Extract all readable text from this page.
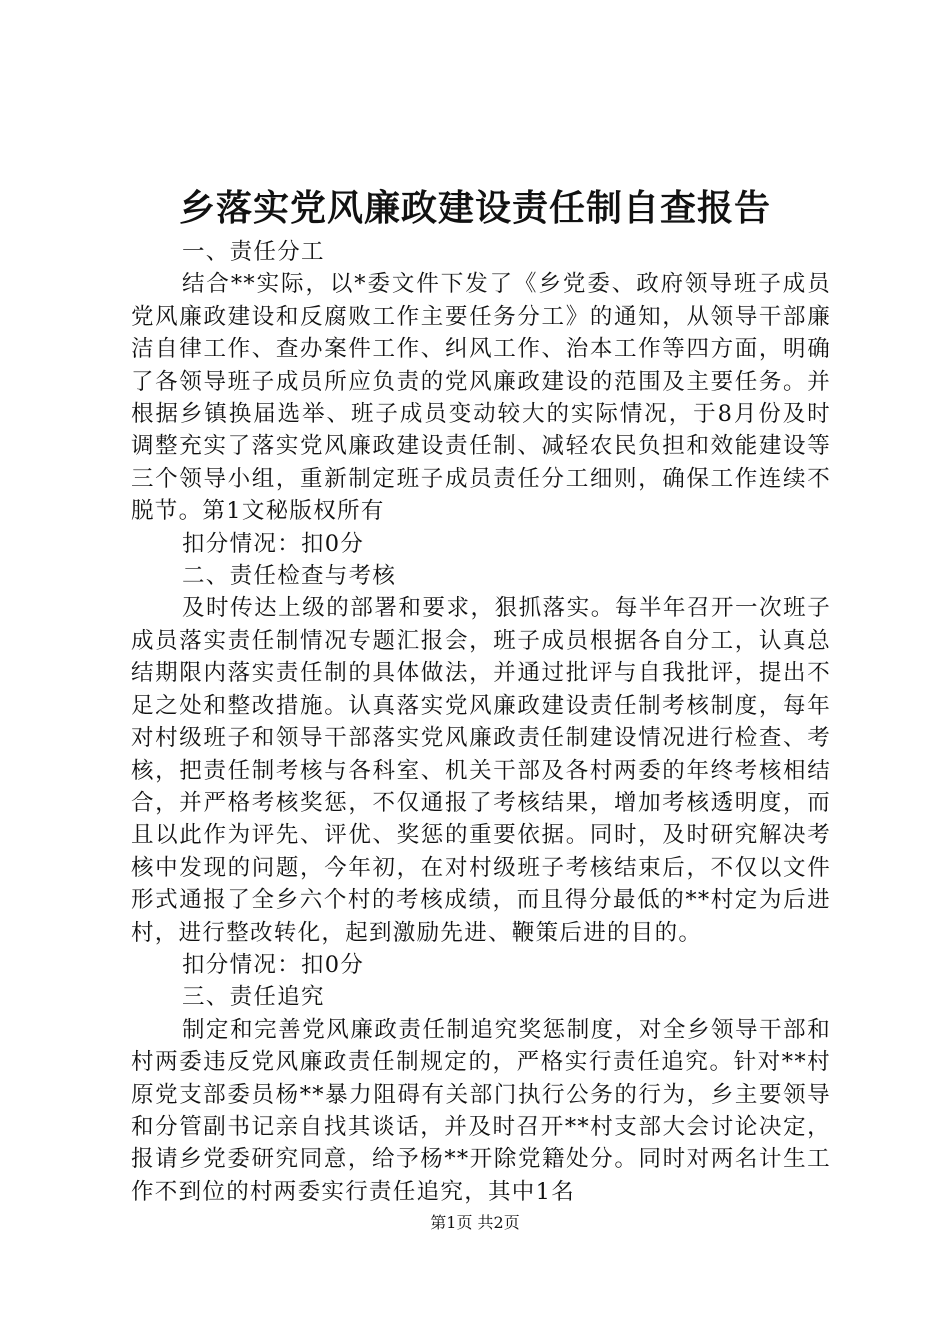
乡落实党风廉政建设责任制自查报告

一、责任分工

结合**实际，以*委文件下发了《乡党委、政府领导班子成员党风廉政建设和反腐败工作主要任务分工》的通知，从领导干部廉洁自律工作、查办案件工作、纠风工作、治本工作等四方面，明确了各领导班子成员所应负责的党风廉政建设的范围及主要任务。并根据乡镇换届选举、班子成员变动较大的实际情况，于8月份及时调整充实了落实党风廉政建设责任制、减轻农民负担和效能建设等三个领导小组，重新制定班子成员责任分工细则，确保工作连续不脱节。第1文秘版权所有

扣分情况：扣0分

二、责任检查与考核

及时传达上级的部署和要求，狠抓落实。每半年召开一次班子成员落实责任制情况专题汇报会，班子成员根据各自分工，认真总结期限内落实责任制的具体做法，并通过批评与自我批评，提出不足之处和整改措施。认真落实党风廉政建设责任制考核制度，每年对村级班子和领导干部落实党风廉政责任制建设情况进行检查、考核，把责任制考核与各科室、机关干部及各村两委的年终考核相结合，并严格考核奖惩，不仅通报了考核结果，增加考核透明度，而且以此作为评先、评优、奖惩的重要依据。同时，及时研究解决考核中发现的问题，今年初，在对村级班子考核结束后，不仅以文件形式通报了全乡六个村的考核成绩，而且得分最低的**村定为后进村，进行整改转化，起到激励先进、鞭策后进的目的。

扣分情况：扣0分

三、责任追究

制定和完善党风廉政责任制追究奖惩制度，对全乡领导干部和村两委违反党风廉政责任制规定的，严格实行责任追究。针对**村原党支部委员杨**暴力阻碍有关部门执行公务的行为，乡主要领导和分管副书记亲自找其谈话，并及时召开**村支部大会讨论决定，报请乡党委研究同意，给予杨**开除党籍处分。同时对两名计生工作不到位的村两委实行责任追究，其中1名

第1页 共2页
